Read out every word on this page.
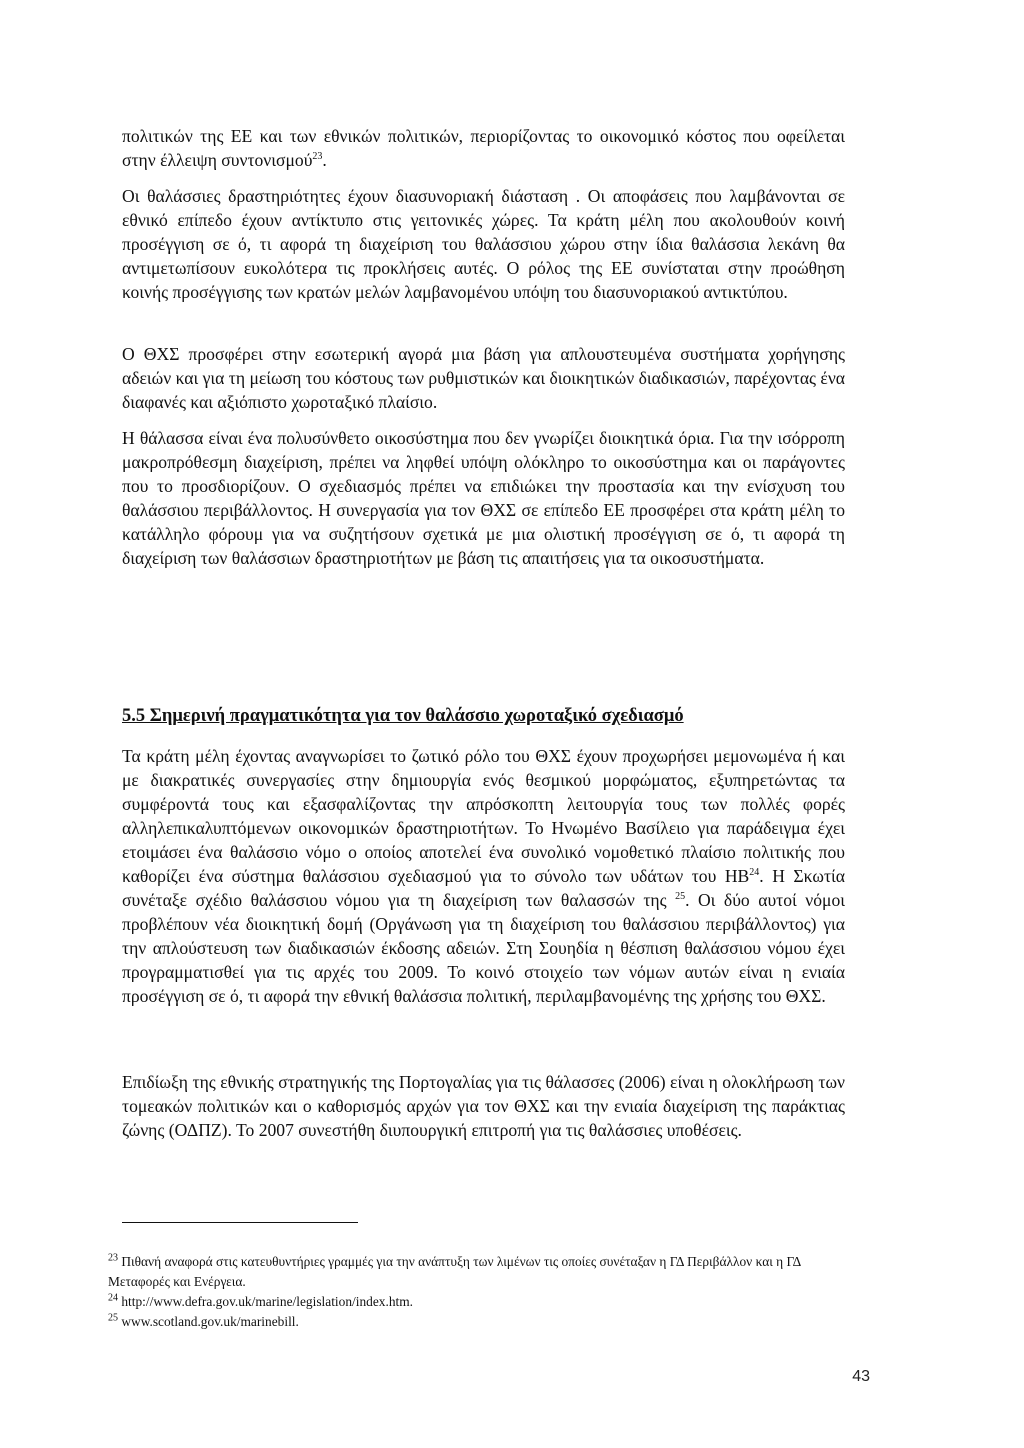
πολιτικών της ΕΕ και των εθνικών πολιτικών, περιορίζοντας το οικονομικό κόστος που οφείλεται στην έλλειψη συντονισμού$^{23}$.

Οι θαλάσσιες δραστηριότητες έχουν διασυνοριακή διάσταση . Οι αποφάσεις που λαμβάνονται σε εθνικό επίπεδο έχουν αντίκτυπο στις γειτονικές χώρες. Τα κράτη μέλη που ακολουθούν κοινή προσέγγιση σε ό, τι αφορά τη διαχείριση του θαλάσσιου χώρου στην ίδια θαλάσσια λεκάνη θα αντιμετωπίσουν ευκολότερα τις προκλήσεις αυτές. Ο ρόλος της ΕΕ συνίσταται στην προώθηση κοινής προσέγγισης των κρατών μελών λαμβανομένου υπόψη του διασυνοριακού αντικτύπου.

Ο ΘΧΣ προσφέρει στην εσωτερική αγορά μια βάση για απλουστευμένα συστήματα χορήγησης αδειών και για τη μείωση του κόστους των ρυθμιστικών και διοικητικών διαδικασιών, παρέχοντας ένα διαφανές και αξιόπιστο χωροταξικό πλαίσιο.

Η θάλασσα είναι ένα πολυσύνθετο οικοσύστημα που δεν γνωρίζει διοικητικά όρια. Για την ισόρροπη μακροπρόθεσμη διαχείριση, πρέπει να ληφθεί υπόψη ολόκληρο το οικοσύστημα και οι παράγοντες που το προσδιορίζουν. Ο σχεδιασμός πρέπει να επιδιώκει την προστασία και την ενίσχυση του θαλάσσιου περιβάλλοντος. Η συνεργασία για τον ΘΧΣ σε επίπεδο ΕΕ προσφέρει στα κράτη μέλη το κατάλληλο φόρουμ για να συζητήσουν σχετικά με μια ολιστική προσέγγιση σε ό, τι αφορά τη διαχείριση των θαλάσσιων δραστηριοτήτων με βάση τις απαιτήσεις για τα οικοσυστήματα.

5.5 Σημερινή πραγματικότητα για τον θαλάσσιο χωροταξικό σχεδιασμό

Τα κράτη μέλη έχοντας αναγνωρίσει το ζωτικό ρόλο του ΘΧΣ έχουν προχωρήσει μεμονωμένα ή και με διακρατικές συνεργασίες στην δημιουργία ενός θεσμικού μορφώματος, εξυπηρετώντας τα συμφέροντά τους και εξασφαλίζοντας την απρόσκοπτη λειτουργία τους των πολλές φορές αλληλεπικαλυπτόμενων οικονομικών δραστηριοτήτων. Το Ηνωμένο Βασίλειο για παράδειγμα έχει ετοιμάσει ένα θαλάσσιο νόμο ο οποίος αποτελεί ένα συνολικό νομοθετικό πλαίσιο πολιτικής που καθορίζει ένα σύστημα θαλάσσιου σχεδιασμού για το σύνολο των υδάτων του ΗΒ$^{24}$. Η Σκωτία συνέταξε σχέδιο θαλάσσιου νόμου για τη διαχείριση των θαλασσών της $^{25}$. Οι δύο αυτοί νόμοι προβλέπουν νέα διοικητική δομή (Οργάνωση για τη διαχείριση του θαλάσσιου περιβάλλοντος) για την απλούστευση των διαδικασιών έκδοσης αδειών. Στη Σουηδία η θέσπιση θαλάσσιου νόμου έχει προγραμματισθεί για τις αρχές του 2009. Το κοινό στοιχείο των νόμων αυτών είναι η ενιαία προσέγγιση σε ό, τι αφορά την εθνική θαλάσσια πολιτική, περιλαμβανομένης της χρήσης του ΘΧΣ.

Επιδίωξη της εθνικής στρατηγικής της Πορτογαλίας για τις θάλασσες (2006) είναι η ολοκλήρωση των τομεακών πολιτικών και ο καθορισμός αρχών για τον ΘΧΣ και την ενιαία διαχείριση της παράκτιας ζώνης (ΟΔΠΖ). Το 2007 συνεστήθη διυπουργική επιτροπή για τις θαλάσσιες υποθέσεις.

$^{23}$ Πιθανή αναφορά στις κατευθυντήριες γραμμές για την ανάπτυξη των λιμένων τις οποίες συνέταξαν η ΓΔ Περιβάλλον και η ΓΔ Μεταφορές και Ενέργεια.

$^{24}$ http://www.defra.gov.uk/marine/legislation/index.htm.

$^{25}$ www.scotland.gov.uk/marinebill.

43
